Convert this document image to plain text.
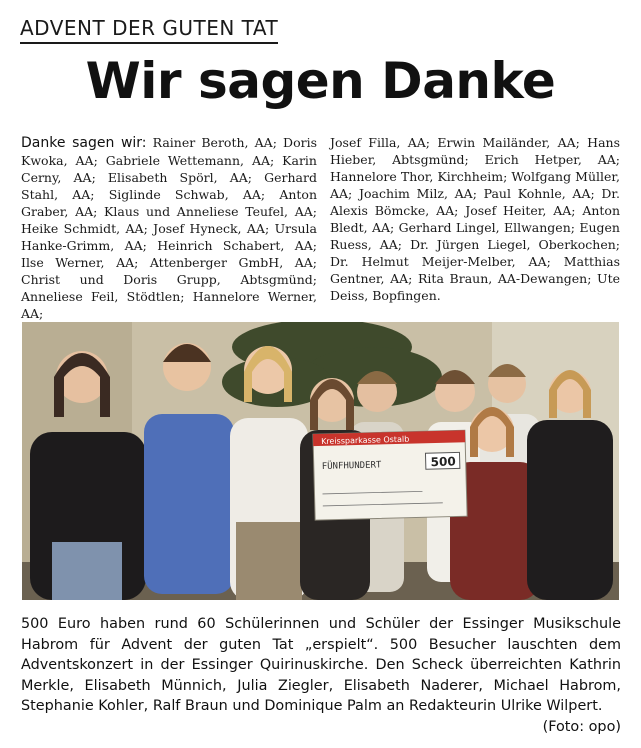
ADVENT DER GUTEN TAT
Wir sagen Danke
Danke sagen wir: Rainer Beroth, AA; Doris Kwoka, AA; Gabriele Wettemann, AA; Karin Cerny, AA; Elisabeth Spörl, AA; Gerhard Stahl, AA; Siglinde Schwab, AA; Anton Graber, AA; Klaus und Anneliese Teufel, AA; Heike Schmidt, AA; Josef Hyneck, AA; Ursula Hanke-Grimm, AA; Heinrich Schabert, AA; Ilse Werner, AA; Attenberger GmbH, AA; Christ und Doris Grupp, Abtsgmünd; Anneliese Feil, Stödtlen; Hannelore Werner, AA;
Josef Filla, AA; Erwin Mailänder, AA; Hans Hieber, Abtsgmünd; Erich Hetper, AA; Hannelore Thor, Kirchheim; Wolfgang Müller, AA; Joachim Milz, AA; Paul Kohnle, AA; Dr. Alexis Bömcke, AA; Josef Heiter, AA; Anton Bledt, AA; Gerhard Lingel, Ellwangen; Eugen Ruess, AA; Dr. Jürgen Liegel, Oberkochen; Dr. Helmut Meijer-Melber, AA; Matthias Gentner, AA; Rita Braun, AA-Dewangen; Ute Deiss, Bopfingen.
Kreissparkasse Ostalb
FÜNFHUNDERT	500
500 Euro haben rund 60 Schülerinnen und Schüler der Essinger Musikschule Habrom für Advent der guten Tat „erspielt“. 500 Besucher lauschten dem Adventskonzert in der Essinger Quirinuskirche. Den Scheck überreichten Kathrin Merkle, Elisabeth Münnich, Julia Ziegler, Elisabeth Naderer, Michael Habrom, Stephanie Kohler, Ralf Braun und Dominique Palm an Redakteurin Ulrike Wilpert.
(Foto: opo)
